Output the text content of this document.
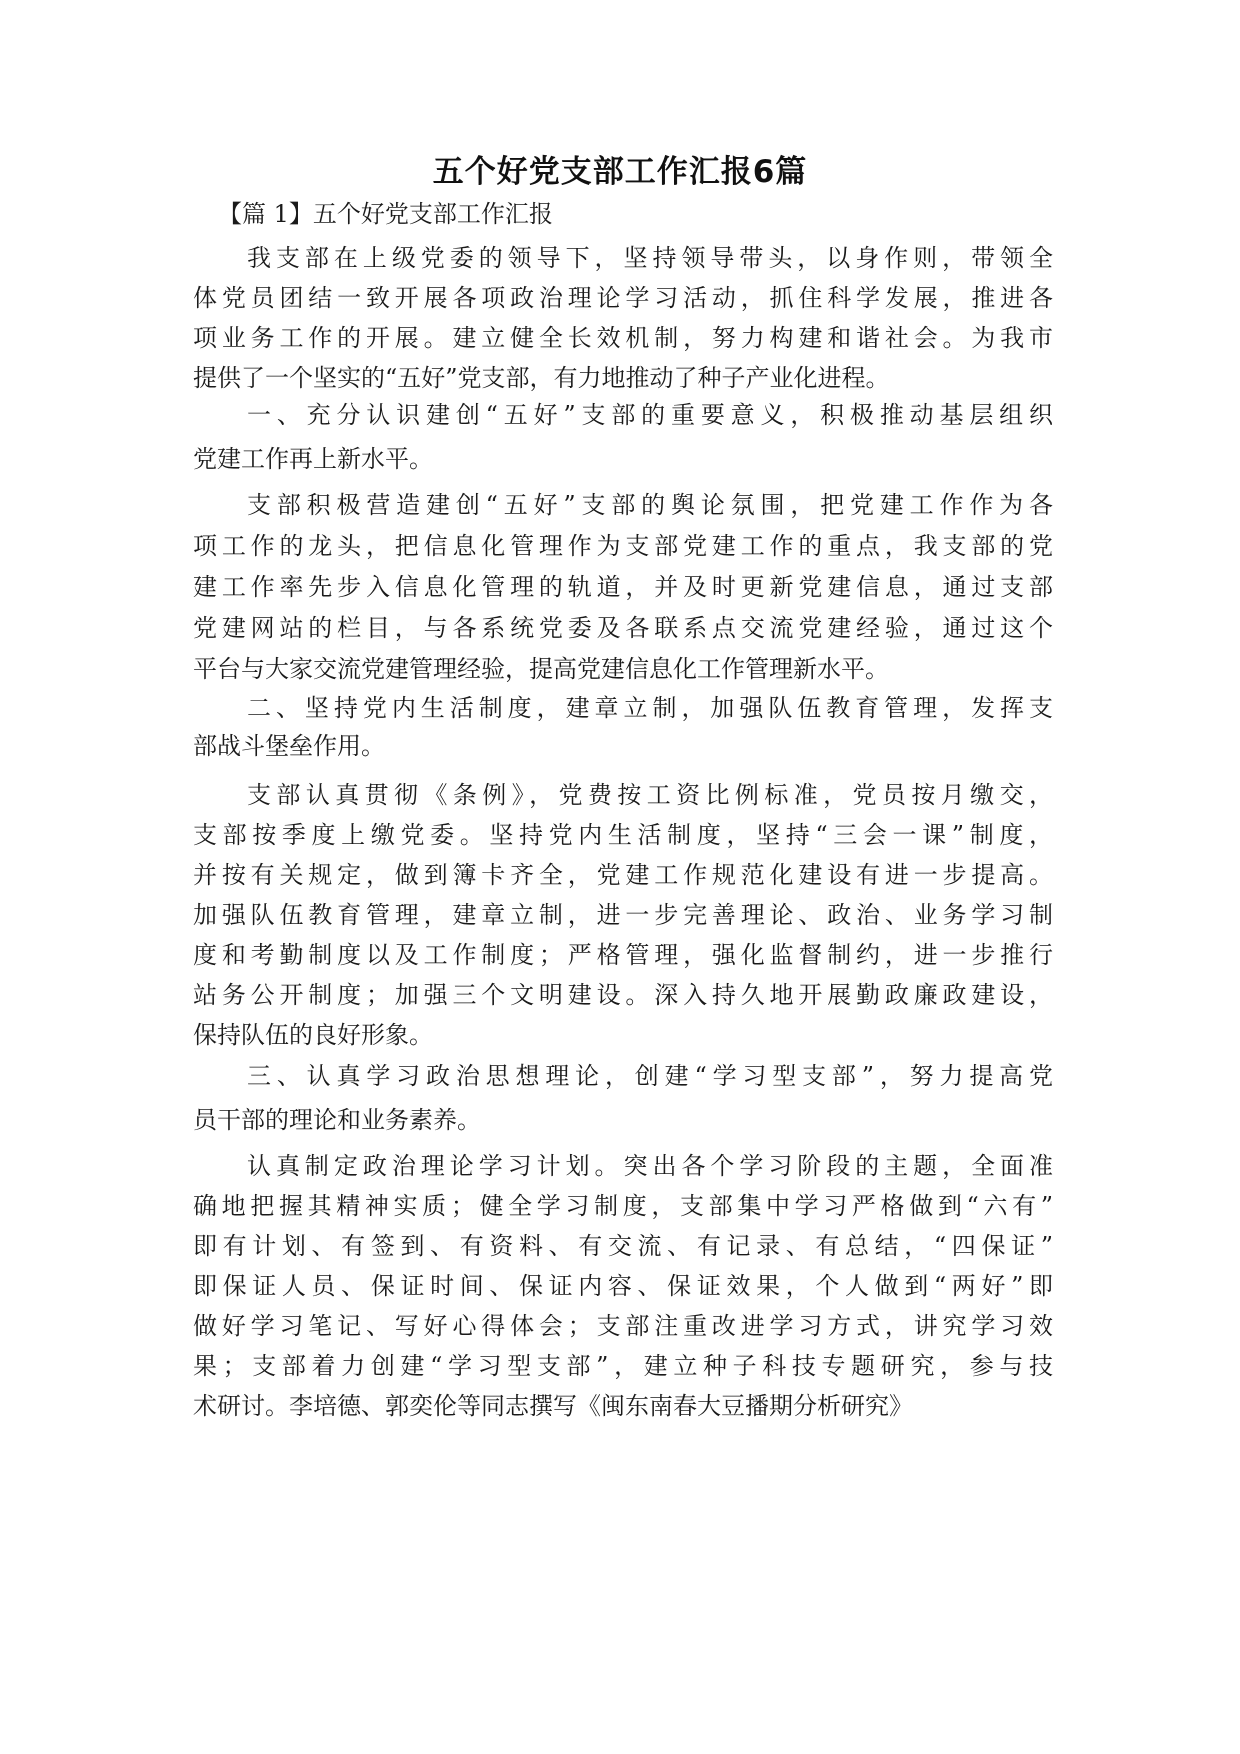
五个好党支部工作汇报6篇
【篇 1】五个好党支部工作汇报
我支部在上级党委的领导下，坚持领导带头，以身作则，带领全
体党员团结一致开展各项政治理论学习活动，抓住科学发展，推进各
项业务工作的开展。建立健全长效机制，努力构建和谐社会。为我市
提供了一个坚实的“五好”党支部，有力地推动了种子产业化进程。
一、充分认识建创“五好”支部的重要意义，积极推动基层组织
党建工作再上新水平。
支部积极营造建创“五好”支部的舆论氛围，把党建工作作为各
项工作的龙头，把信息化管理作为支部党建工作的重点，我支部的党
建工作率先步入信息化管理的轨道，并及时更新党建信息，通过支部
党建网站的栏目，与各系统党委及各联系点交流党建经验，通过这个
平台与大家交流党建管理经验，提高党建信息化工作管理新水平。
二、坚持党内生活制度，建章立制，加强队伍教育管理，发挥支
部战斗堡垒作用。
支部认真贯彻《条例》，党费按工资比例标准，党员按月缴交，
支部按季度上缴党委。坚持党内生活制度，坚持“三会一课”制度，
并按有关规定，做到簿卡齐全，党建工作规范化建设有进一步提高。
加强队伍教育管理，建章立制，进一步完善理论、政治、业务学习制
度和考勤制度以及工作制度；严格管理，强化监督制约，进一步推行
站务公开制度；加强三个文明建设。深入持久地开展勤政廉政建设，
保持队伍的良好形象。
三、认真学习政治思想理论，创建“学习型支部”，努力提高党
员干部的理论和业务素养。
认真制定政治理论学习计划。突出各个学习阶段的主题，全面准
确地把握其精神实质；健全学习制度，支部集中学习严格做到“六有”
即有计划、有签到、有资料、有交流、有记录、有总结，“四保证”
即保证人员、保证时间、保证内容、保证效果，个人做到“两好”即
做好学习笔记、写好心得体会；支部注重改进学习方式，讲究学习效
果；支部着力创建“学习型支部”，建立种子科技专题研究，参与技
术研讨。李培德、郭奕伦等同志撰写《闽东南春大豆播期分析研究》
